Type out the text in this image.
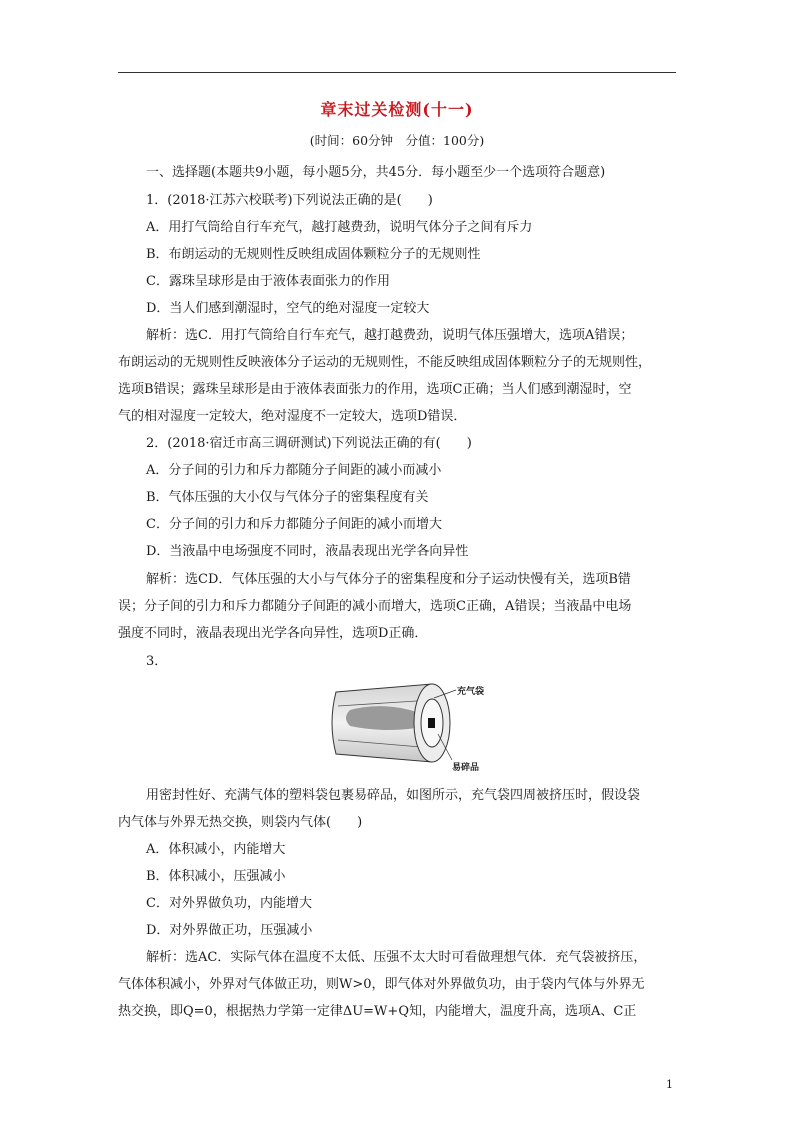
章末过关检测(十一)
(时间：60分钟　分值：100分)
一、选择题(本题共9小题，每小题5分，共45分．每小题至少一个选项符合题意)
1．(2018·江苏六校联考)下列说法正确的是(　　)
A．用打气筒给自行车充气，越打越费劲，说明气体分子之间有斥力
B．布朗运动的无规则性反映组成固体颗粒分子的无规则性
C．露珠呈球形是由于液体表面张力的作用
D．当人们感到潮湿时，空气的绝对湿度一定较大
解析：选C．用打气筒给自行车充气，越打越费劲，说明气体压强增大，选项A错误；
布朗运动的无规则性反映液体分子运动的无规则性，不能反映组成固体颗粒分子的无规则性，
选项B错误；露珠呈球形是由于液体表面张力的作用，选项C正确；当人们感到潮湿时，空
气的相对湿度一定较大，绝对湿度不一定较大，选项D错误．
2．(2018·宿迁市高三调研测试)下列说法正确的有(　　)
A．分子间的引力和斥力都随分子间距的减小而减小
B．气体压强的大小仅与气体分子的密集程度有关
C．分子间的引力和斥力都随分子间距的减小而增大
D．当液晶中电场强度不同时，液晶表现出光学各向异性
解析：选CD．气体压强的大小与气体分子的密集程度和分子运动快慢有关，选项B错
误；分子间的引力和斥力都随分子间距的减小而增大，选项C正确，A错误；当液晶中电场
强度不同时，液晶表现出光学各向异性，选项D正确．
3．
充气袋
易碎品
用密封性好、充满气体的塑料袋包裹易碎品，如图所示，充气袋四周被挤压时，假设袋
内气体与外界无热交换，则袋内气体(　　)
A．体积减小，内能增大
B．体积减小，压强减小
C．对外界做负功，内能增大
D．对外界做正功，压强减小
解析：选AC．实际气体在温度不太低、压强不太大时可看做理想气体．充气袋被挤压，
气体体积减小，外界对气体做正功，则W>0，即气体对外界做负功，由于袋内气体与外界无
热交换，即Q=0，根据热力学第一定律ΔU=W+Q知，内能增大，温度升高，选项A、C正
1
